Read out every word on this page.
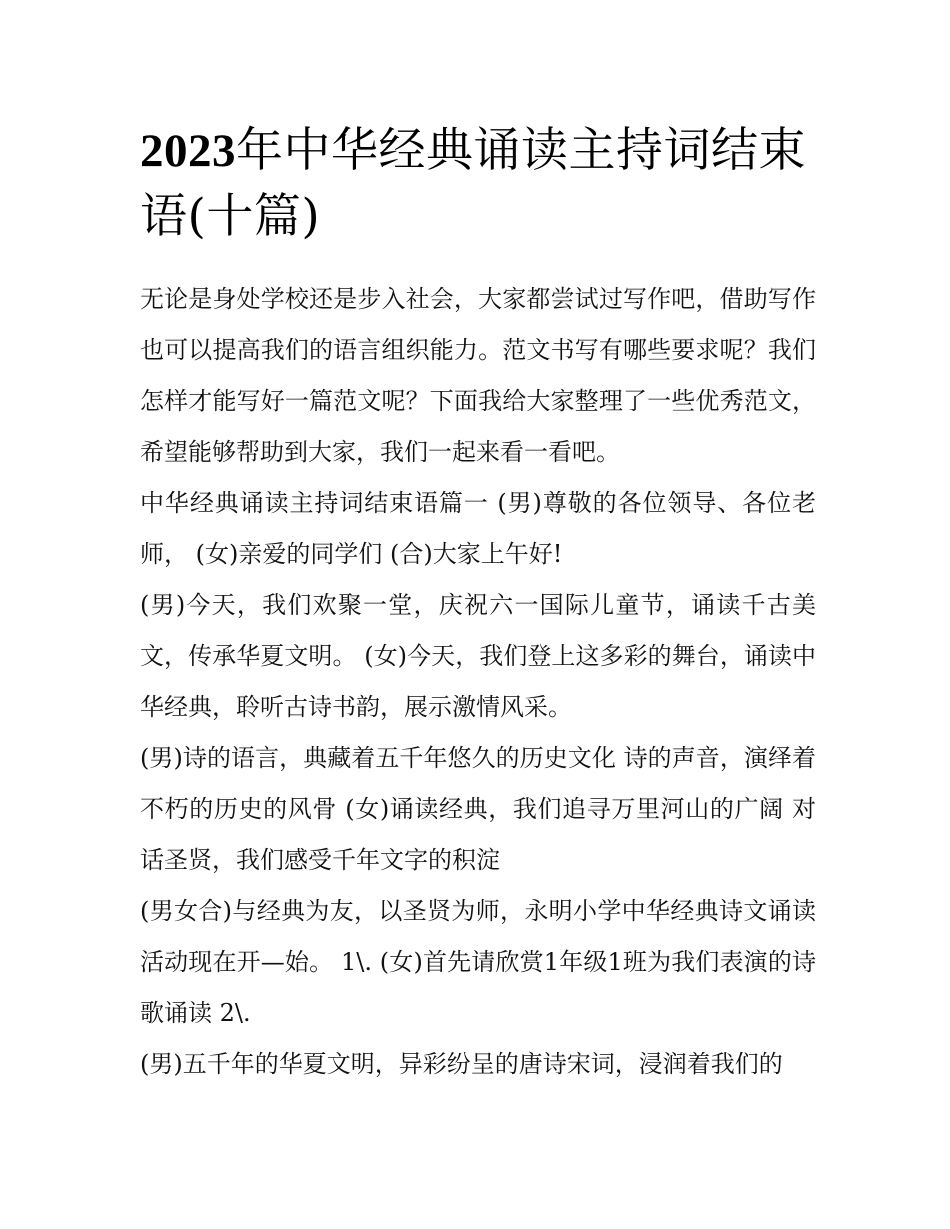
2023年中华经典诵读主持词结束语(十篇)

无论是身处学校还是步入社会，大家都尝试过写作吧，借助写作也可以提高我们的语言组织能力。范文书写有哪些要求呢？我们怎样才能写好一篇范文呢？下面我给大家整理了一些优秀范文，希望能够帮助到大家，我们一起来看一看吧。

中华经典诵读主持词结束语篇一 (男)尊敬的各位领导、各位老师， (女)亲爱的同学们 (合)大家上午好!

(男)今天，我们欢聚一堂，庆祝六一国际儿童节，诵读千古美文，传承华夏文明。 (女)今天，我们登上这多彩的舞台，诵读中华经典，聆听古诗书韵，展示激情风采。

(男)诗的语言，典藏着五千年悠久的历史文化 诗的声音，演绎着不朽的历史的风骨 (女)诵读经典，我们追寻万里河山的广阔 对话圣贤，我们感受千年文字的积淀

(男女合)与经典为友，以圣贤为师，永明小学中华经典诗文诵读活动现在开—始。 1\. (女)首先请欣赏1年级1班为我们表演的诗歌诵读 2\.

(男)五千年的华夏文明，异彩纷呈的唐诗宋词，浸润着我们的
